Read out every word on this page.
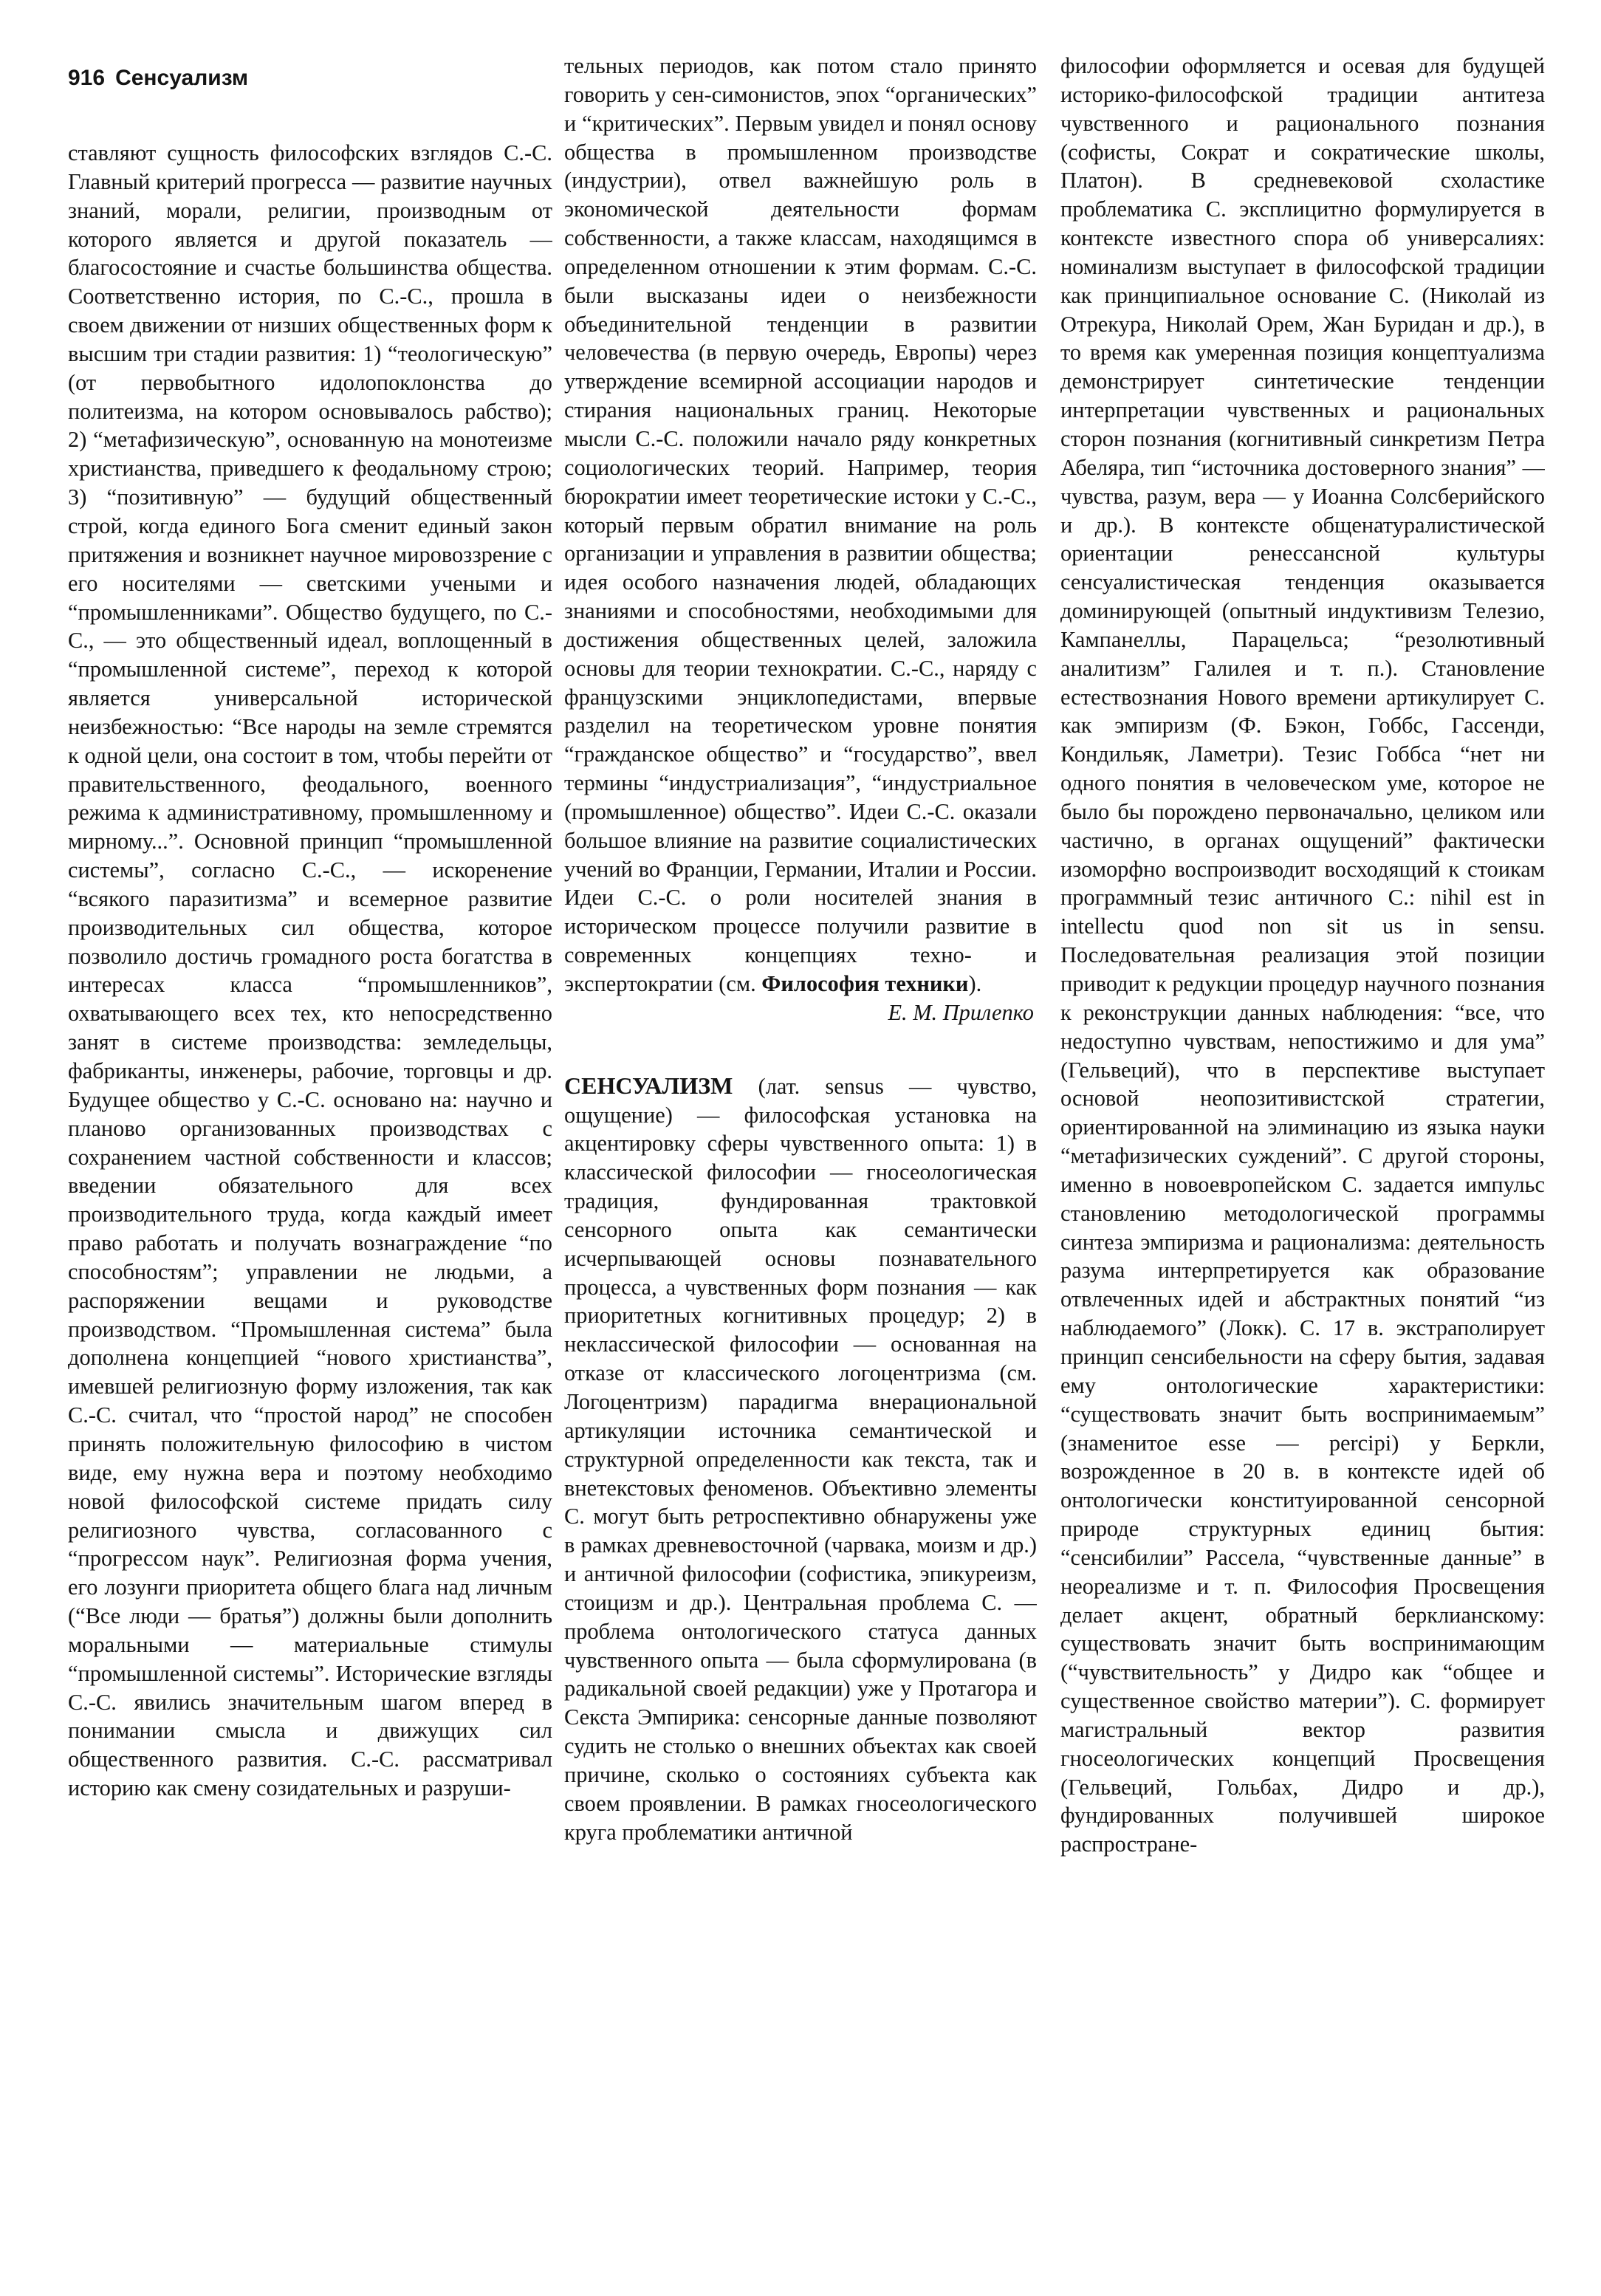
916 Сенсуализм

ставляют сущность философских взглядов С.-С. Главный критерий прогресса — развитие научных знаний, морали, религии, производным от которого является и другой показатель — благосостояние и счастье большинства общества. Соответственно история, по С.-С., прошла в своем движении от низших общественных форм к высшим три стадии развития: 1) “теологическую” (от первобытного идолопоклонства до политеизма, на котором основывалось рабство); 2) “метафизическую”, основанную на монотеизме христианства, приведшего к феодальному строю; 3) “позитивную” — будущий общественный строй, когда единого Бога сменит единый закон притяжения и возникнет научное мировоззрение с его носителями — светскими учеными и “промышленниками”. Общество будущего, по С.-С., — это общественный идеал, воплощенный в “промышленной системе”, переход к которой является универсальной исторической неизбежностью: “Все народы на земле стремятся к одной цели, она состоит в том, чтобы перейти от правительственного, феодального, военного режима к административному, промышленному и мирному...”. Основной принцип “промышленной системы”, согласно С.-С., — искоренение “всякого паразитизма” и всемерное развитие производительных сил общества, которое позволило достичь громадного роста богатства в интересах класса “промышленников”, охватывающего всех тех, кто непосредственно занят в системе производства: земледельцы, фабриканты, инженеры, рабочие, торговцы и др. Будущее общество у С.-С. основано на: научно и планово организованных производствах с сохранением частной собственности и классов; введении обязательного для всех производительного труда, когда каждый имеет право работать и получать вознаграждение “по способностям”; управлении не людьми, а распоряжении вещами и руководстве производством. “Промышленная система” была дополнена концепцией “нового христианства”, имевшей религиозную форму изложения, так как С.-С. считал, что “простой народ” не способен принять положительную философию в чистом виде, ему нужна вера и поэтому необходимо новой философской системе придать силу религиозного чувства, согласованного с “прогрессом наук”. Религиозная форма учения, его лозунги приоритета общего блага над личным (“Все люди — братья”) должны были дополнить моральными — материальные стимулы “промышленной системы”. Исторические взгляды С.-С. явились значительным шагом вперед в понимании смысла и движущих сил общественного развития. С.-С. рассматривал историю как смену созидательных и разруши-

тельных периодов, как потом стало принято говорить у сен-симонистов, эпох “органических” и “критических”. Первым увидел и понял основу общества в промышленном производстве (индустрии), отвел важнейшую роль в экономической деятельности формам собственности, а также классам, находящимся в определенном отношении к этим формам. С.-С. были высказаны идеи о неизбежности объединительной тенденции в развитии человечества (в первую очередь, Европы) через утверждение всемирной ассоциации народов и стирания национальных границ. Некоторые мысли С.-С. положили начало ряду конкретных социологических теорий. Например, теория бюрократии имеет теоретические истоки у С.-С., который первым обратил внимание на роль организации и управления в развитии общества; идея особого назначения людей, обладающих знаниями и способностями, необходимыми для достижения общественных целей, заложила основы для теории технократии. С.-С., наряду с французскими энциклопедистами, впервые разделил на теоретическом уровне понятия “гражданское общество” и “государство”, ввел термины “индустриализация”, “индустриальное (промышленное) общество”. Идеи С.-С. оказали большое влияние на развитие социалистических учений во Франции, Германии, Италии и России. Идеи С.-С. о роли носителей знания в историческом процессе получили развитие в современных концепциях техно- и экспертократии (см. Философия техники).

Е. М. Прилепко

СЕНСУАЛИЗМ (лат. sensus — чувство, ощущение) — философская установка на акцентировку сферы чувственного опыта: 1) в классической философии — гносеологическая традиция, фундированная трактовкой сенсорного опыта как семантически исчерпывающей основы познавательного процесса, а чувственных форм познания — как приоритетных когнитивных процедур; 2) в неклассической философии — основанная на отказе от классического логоцентризма (см. Логоцентризм) парадигма внерациональной артикуляции источника семантической и структурной определенности как текста, так и внетекстовых феноменов. Объективно элементы С. могут быть ретроспективно обнаружены уже в рамках древневосточной (чарвака, моизм и др.) и античной философии (софистика, эпикуреизм, стоицизм и др.). Центральная проблема С. — проблема онтологического статуса данных чувственного опыта — была сформулирована (в радикальной своей редакции) уже у Протагора и Секста Эмпирика: сенсорные данные позволяют судить не столько о внешних объектах как своей причине, сколько о состояниях субъекта как своем проявлении. В рамках гносеологического круга проблематики античной

философии оформляется и осевая для будущей историко-философской традиции антитеза чувственного и рационального познания (софисты, Сократ и сократические школы, Платон). В средневековой схоластике проблематика С. эксплицитно формулируется в контексте известного спора об универсалиях: номинализм выступает в философской традиции как принципиальное основание С. (Николай из Отрекура, Николай Орем, Жан Буридан и др.), в то время как умеренная позиция концептуализма демонстрирует синтетические тенденции интерпретации чувственных и рациональных сторон познания (когнитивный синкретизм Петра Абеляра, тип “источника достоверного знания” — чувства, разум, вера — у Иоанна Солсберийского и др.). В контексте общенатуралистической ориентации ренессансной культуры сенсуалистическая тенденция оказывается доминирующей (опытный индуктивизм Телезио, Кампанеллы, Парацельса; “резолютивный аналитизм” Галилея и т. п.). Становление естествознания Нового времени артикулирует С. как эмпиризм (Ф. Бэкон, Гоббс, Гассенди, Кондильяк, Ламетри). Тезис Гоббса “нет ни одного понятия в человеческом уме, которое не было бы порождено первоначально, целиком или частично, в органах ощущений” фактически изоморфно воспроизводит восходящий к стоикам программный тезис античного С.: nihil est in intellectu quod non sit us in sensu. Последовательная реализация этой позиции приводит к редукции процедур научного познания к реконструкции данных наблюдения: “все, что недоступно чувствам, непостижимо и для ума” (Гельвеций), что в перспективе выступает основой неопозитивистской стратегии, ориентированной на элиминацию из языка науки “метафизических суждений”. С другой стороны, именно в новоевропейском С. задается импульс становлению методологической программы синтеза эмпиризма и рационализма: деятельность разума интерпретируется как образование отвлеченных идей и абстрактных понятий “из наблюдаемого” (Локк). С. 17 в. экстраполирует принцип сенсибельности на сферу бытия, задавая ему онтологические характеристики: “существовать значит быть воспринимаемым” (знаменитое esse — percipi) у Беркли, возрожденное в 20 в. в контексте идей об онтологически конституированной сенсорной природе структурных единиц бытия: “сенсибилии” Рассела, “чувственные данные” в неореализме и т. п. Философия Просвещения делает акцент, обратный берклианскому: существовать значит быть воспринимающим (“чувствительность” у Дидро как “общее и существенное свойство материи”). С. формирует магистральный вектор развития гносеологических концепций Просвещения (Гельвеций, Гольбах, Дидро и др.), фундированных получившей широкое распростране-
